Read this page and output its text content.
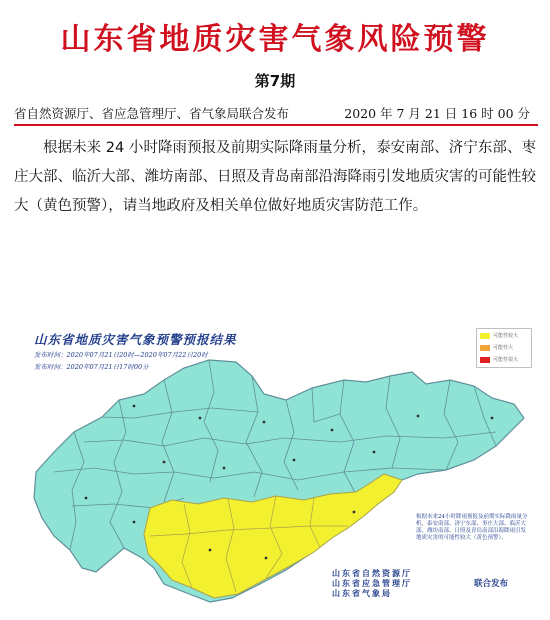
山东省地质灾害气象风险预警
第7期
省自然资源厅、省应急管理厅、省气象局联合发布	2020 年 7 月 21 日 16 时 00 分
根据未来 24 小时降雨预报及前期实际降雨量分析，泰安南部、济宁东部、枣庄大部、临沂大部、潍坊南部、日照及青岛南部沿海降雨引发地质灾害的可能性较大（黄色预警），请当地政府及相关单位做好地质灾害防范工作。
山东省地质灾害气象预警预报结果
发布时间：2020年07月21日20时—2020年07月22日20时
发布时间：2020年07月21日17时00分
可能性较大
可能性大
可能性很大
根据未来24小时降雨预报及前期实际降雨量分析，泰安南部、济宁东部、枣庄大部、临沂大部、潍坊南部、日照及青岛南部沿海降雨引发地质灾害的可能性较大（黄色预警）。
山东省自然资源厅
山东省应急管理厅
山东省气象局
联合发布
